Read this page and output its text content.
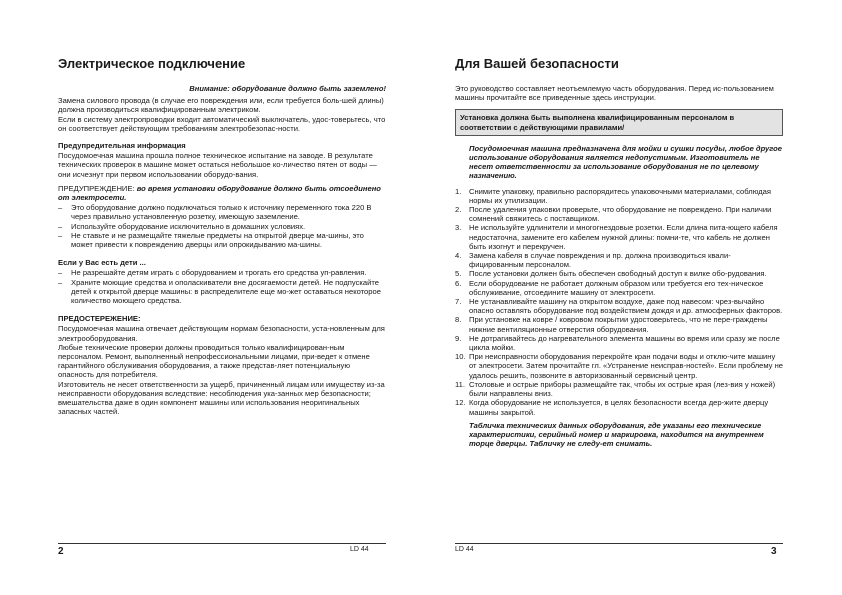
Электрическое подключение

Внимание: оборудование должно быть заземлено!

Замена силового провода (в случае его повреждения или, если требуется боль-шей длины) должна производиться квалифицированным электриком.

Если в систему электропроводки входит автоматический выключатель, удос-товерьтесь, что он соответствует действующим требованиям электробезопас-ности.

Предупредительная информация

Посудомоечная машина прошла полное техническое испытание на заводе. В результате технических проверок в машине может остаться небольшое ко-личество пятен от воды — они исчезнут при первом использовании оборудо-вания.

ПРЕДУПРЕЖДЕНИЕ: во время установки оборудование должно быть отсоединено от электросети.

– Это оборудование должно подключаться только к источнику переменного тока 220 В через правильно установленную розетку, имеющую заземление.
– Используйте оборудование исключительно в домашних условиях.
– Не ставьте и не размещайте тяжелые предметы на открытой дверце ма-шины, это может привести к повреждению дверцы или опрокидыванию ма-шины.

Если у Вас есть дети ...

– Не разрешайте детям играть с оборудованием и трогать его средства уп-равления.
– Храните моющие средства и ополаскиватели вне досягаемости детей. Не подпускайте детей к открытой дверце машины: в распределителе еще мо-жет оставаться некоторое количество моющего средства.

ПРЕДОСТЕРЕЖЕНИЕ:

Посудомоечная машина отвечает действующим нормам безопасности, уста-новленным для электрооборудования.

Любые технические проверки должны проводиться только квалифицирован-ным персоналом. Ремонт, выполненный непрофессиональными лицами, при-ведет к отмене гарантийного обслуживания оборудования, а также представ-ляет потенциальную опасность для потребителя.

Изготовитель не несет ответственности за ущерб, причиненный лицам или имуществу из-за неисправности оборудования вследствие: несоблюдения ука-занных мер безопасности; вмешательства даже в один компонент машины или использования неоригинальных запасных частей.

2	LD 44
Для Вашей безопасности

Это руководство составляет неотъемлемую часть оборудования. Перед ис-пользованием машины прочитайте все приведенные здесь инструкции.

Установка должна быть выполнена квалифицированным персоналом в соответствии с действующими правилами/

Посудомоечная машина предназначена для мойки и сушки посуды, любое другое использование оборудования является недопустимым. Изготовитель не несет ответственности за использование оборудования не по целевому назначению.

1.	Снимите упаковку, правильно распорядитесь упаковочными материалами, соблюдая нормы их утилизации.
2.	После удаления упаковки проверьте, что оборудование не повреждено. При наличии сомнений свяжитесь с поставщиком.
3.	Не используйте удлинители и многогнездовые розетки. Если длина пита-ющего кабеля недостаточна, замените его кабелем нужной длины: помни-те, что кабель не должен быть изогнут и перекручен.
4.	Замена кабеля в случае повреждения и пр. должна производиться квали-фицированным персоналом.
5.	После установки должен быть обеспечен свободный доступ к вилке обо-рудования.
6.	Если оборудование не работает должным образом или требуется его тех-ническое обслуживание, отсоедините машину от электросети.
7.	Не устанавливайте машину на открытом воздухе, даже под навесом: чрез-вычайно опасно оставлять оборудование под воздействием дождя и др. атмосферных факторов.
8.	При установке на ковре / ковровом покрытии удостоверьтесь, что не пере-граждены нижние вентиляционные отверстия оборудования.
9.	Не дотрагивайтесь до нагревательного элемента машины во время или сразу же после цикла мойки.
10. При неисправности оборудования перекройте кран подачи воды и отклю-чите машину от электросети. Затем прочитайте гл. «Устранение неисправ-ностей». Если проблему не удалось решить, позвоните в авторизованный сервисный центр.
11. Столовые и острые приборы размещайте так, чтобы их острые края (лез-вия у ножей) были направлены вниз.
12. Когда оборудование не используется, в целях безопасности всегда дер-жите дверцу машины закрытой.

Табличка технических данных оборудования, где указаны его технические характеристики, серийный номер и маркировка, находится на внутреннем торце дверцы. Табличку не следу-ет снимать.

LD 44	3
